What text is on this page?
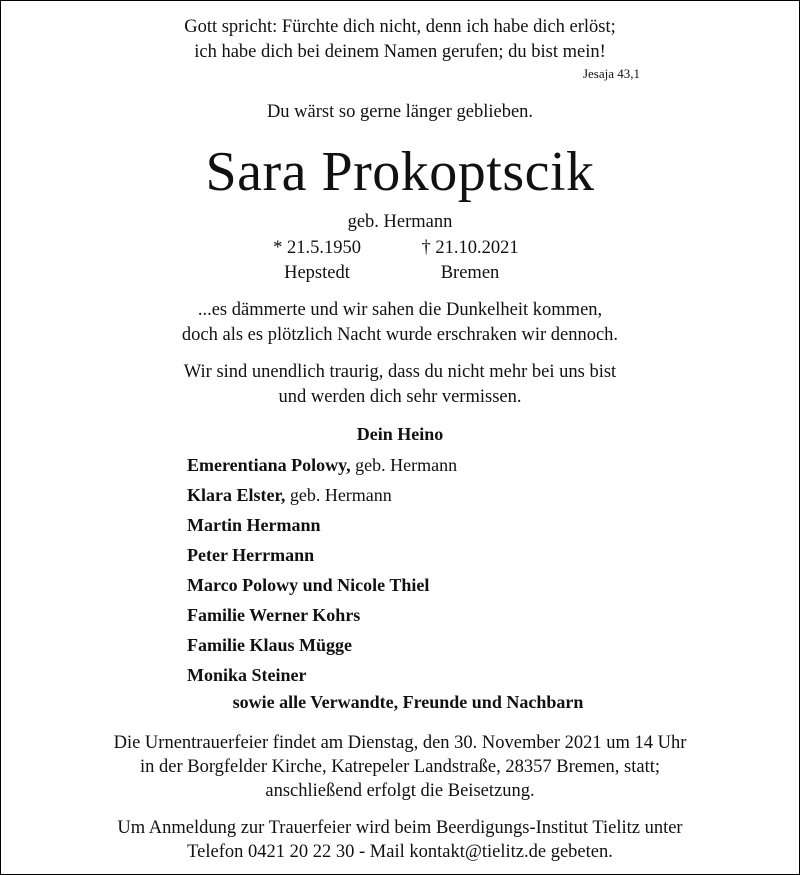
Gott spricht: Fürchte dich nicht, denn ich habe dich erlöst;
ich habe dich bei deinem Namen gerufen; du bist mein!
Jesaja 43,1
Du wärst so gerne länger geblieben.
Sara Prokoptscik
geb. Hermann
* 21.5.1950
Hepstedt
† 21.10.2021
Bremen
...es dämmerte und wir sahen die Dunkelheit kommen,
doch als es plötzlich Nacht wurde erschraken wir dennoch.
Wir sind unendlich traurig, dass du nicht mehr bei uns bist
und werden dich sehr vermissen.
Dein Heino
Emerentiana Polowy, geb. Hermann
Klara Elster, geb. Hermann
Martin Hermann
Peter Herrmann
Marco Polowy und Nicole Thiel
Familie Werner Kohrs
Familie Klaus Mügge
Monika Steiner
sowie alle Verwandte, Freunde und Nachbarn
Die Urnentrauerfeier findet am Dienstag, den 30. November 2021 um 14 Uhr
in der Borgfelder Kirche, Katrepeler Landstraße, 28357 Bremen, statt;
anschließend erfolgt die Beisetzung.
Um Anmeldung zur Trauerfeier wird beim Beerdigungs-Institut Tielitz unter
Telefon 0421 20 22 30 - Mail kontakt@tielitz.de gebeten.
